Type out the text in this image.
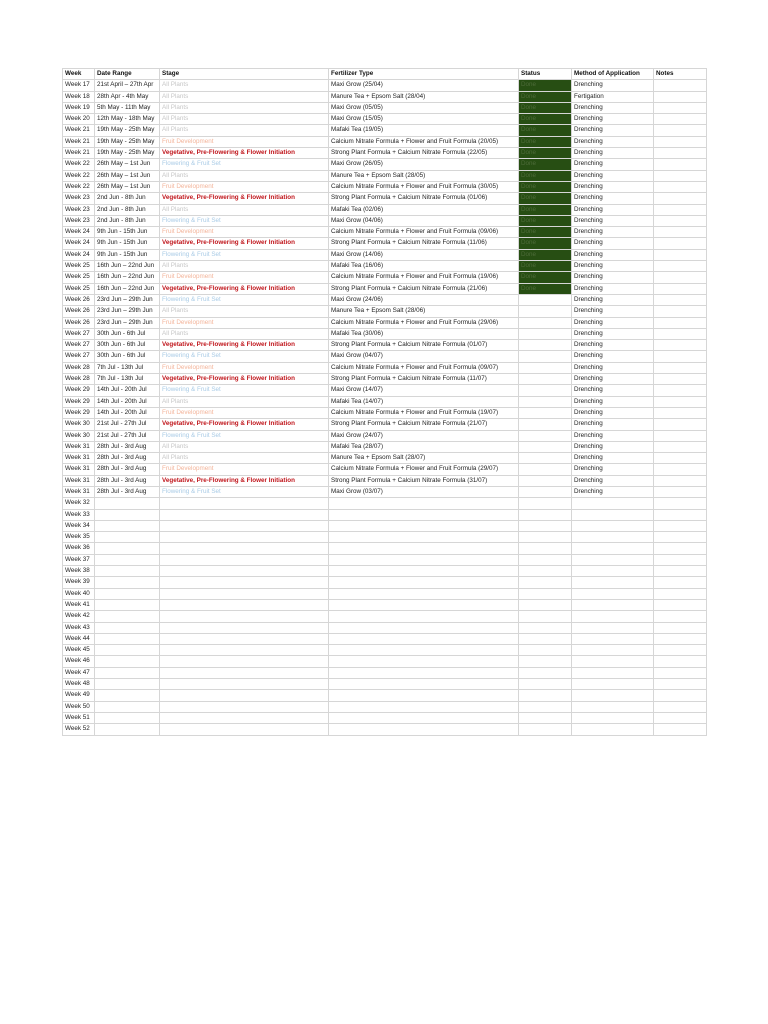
Week	Date Range	Stage	Fertilizer Type	Status	Method of Application	Notes
Week 17	21st April – 27th Apr	All Plants	Maxi Grow (25/04)	Done	Drenching	
Week 18	28th Apr - 4th May	All Plants	Manure Tea + Epsom Salt (28/04)	Done	Fertigation	
Week 19	5th May - 11th May	All Plants	Maxi Grow (05/05)	Done	Drenching	
Week 20	12th May - 18th May	All Plants	Maxi Grow (15/05)	Done	Drenching	
Week 21	19th May - 25th May	All Plants	Mafaki Tea (19/05)	Done	Drenching	
Week 21	19th May - 25th May	Fruit Development	Calcium Nitrate Formula + Flower and Fruit Formula (20/05)	Done	Drenching	
Week 21	19th May - 25th May	Vegetative, Pre-Flowering & Flower Initiation	Strong Plant Formula + Calcium Nitrate Formula (22/05)	Done	Drenching	
Week 22	26th May – 1st Jun	Flowering & Fruit Set	Maxi Grow (26/05)	Done	Drenching	
Week 22	26th May – 1st Jun	All Plants	Manure Tea + Epsom Salt (28/05)	Done	Drenching	
Week 22	26th May – 1st Jun	Fruit Development	Calcium Nitrate Formula + Flower and Fruit Formula (30/05)	Done	Drenching	
Week 23	2nd Jun - 8th Jun	Vegetative, Pre-Flowering & Flower Initiation	Strong Plant Formula + Calcium Nitrate Formula (01/06)	Done	Drenching	
Week 23	2nd Jun - 8th Jun	All Plants	Mafaki Tea (02/06)	Done	Drenching	
Week 23	2nd Jun - 8th Jun	Flowering & Fruit Set	Maxi Grow (04/06)	Done	Drenching	
Week 24	9th Jun - 15th Jun	Fruit Development	Calcium Nitrate Formula + Flower and Fruit Formula (09/06)	Done	Drenching	
Week 24	9th Jun - 15th Jun	Vegetative, Pre-Flowering & Flower Initiation	Strong Plant Formula + Calcium Nitrate Formula (11/06)	Done	Drenching	
Week 24	9th Jun - 15th Jun	Flowering & Fruit Set	Maxi Grow (14/06)	Done	Drenching	
Week 25	16th Jun – 22nd Jun	All Plants	Mafaki Tea (16/06)	Done	Drenching	
Week 25	16th Jun – 22nd Jun	Fruit Development	Calcium Nitrate Formula + Flower and Fruit Formula (19/06)	Done	Drenching	
Week 25	16th Jun – 22nd Jun	Vegetative, Pre-Flowering & Flower Initiation	Strong Plant Formula + Calcium Nitrate Formula (21/06)	Done	Drenching	
Week 26	23rd Jun – 29th Jun	Flowering & Fruit Set	Maxi Grow (24/06)		Drenching	
Week 26	23rd Jun – 29th Jun	All Plants	Manure Tea + Epsom Salt (28/06)		Drenching	
Week 26	23rd Jun – 29th Jun	Fruit Development	Calcium Nitrate Formula + Flower and Fruit Formula (29/06)		Drenching	
Week 27	30th Jun - 6th Jul	All Plants	Mafaki Tea (30/06)		Drenching	
Week 27	30th Jun - 6th Jul	Vegetative, Pre-Flowering & Flower Initiation	Strong Plant Formula + Calcium Nitrate Formula (01/07)		Drenching	
Week 27	30th Jun - 6th Jul	Flowering & Fruit Set	Maxi Grow (04/07)		Drenching	
Week 28	7th Jul - 13th Jul	Fruit Development	Calcium Nitrate Formula + Flower and Fruit Formula (09/07)		Drenching	
Week 28	7th Jul - 13th Jul	Vegetative, Pre-Flowering & Flower Initiation	Strong Plant Formula + Calcium Nitrate Formula (11/07)		Drenching	
Week 29	14th Jul - 20th Jul	Flowering & Fruit Set	Maxi Grow (14/07)		Drenching	
Week 29	14th Jul - 20th Jul	All Plants	Mafaki Tea (14/07)		Drenching	
Week 29	14th Jul - 20th Jul	Fruit Development	Calcium Nitrate Formula + Flower and Fruit Formula (19/07)		Drenching	
Week 30	21st Jul - 27th Jul	Vegetative, Pre-Flowering & Flower Initiation	Strong Plant Formula + Calcium Nitrate Formula (21/07)		Drenching	
Week 30	21st Jul - 27th Jul	Flowering & Fruit Set	Maxi Grow (24/07)		Drenching	
Week 31	28th Jul - 3rd Aug	All Plants	Mafaki Tea (28/07)		Drenching	
Week 31	28th Jul - 3rd Aug	All Plants	Manure Tea + Epsom Salt (28/07)		Drenching	
Week 31	28th Jul - 3rd Aug	Fruit Development	Calcium Nitrate Formula + Flower and Fruit Formula (29/07)		Drenching	
Week 31	28th Jul - 3rd Aug	Vegetative, Pre-Flowering & Flower Initiation	Strong Plant Formula + Calcium Nitrate Formula (31/07)		Drenching	
Week 31	28th Jul - 3rd Aug	Flowering & Fruit Set	Maxi Grow (03/07)		Drenching	
Week 32						
Week 33						
Week 34						
Week 35						
Week 36						
Week 37						
Week 38						
Week 39						
Week 40						
Week 41						
Week 42						
Week 43						
Week 44						
Week 45						
Week 46						
Week 47						
Week 48						
Week 49						
Week 50						
Week 51						
Week 52						
